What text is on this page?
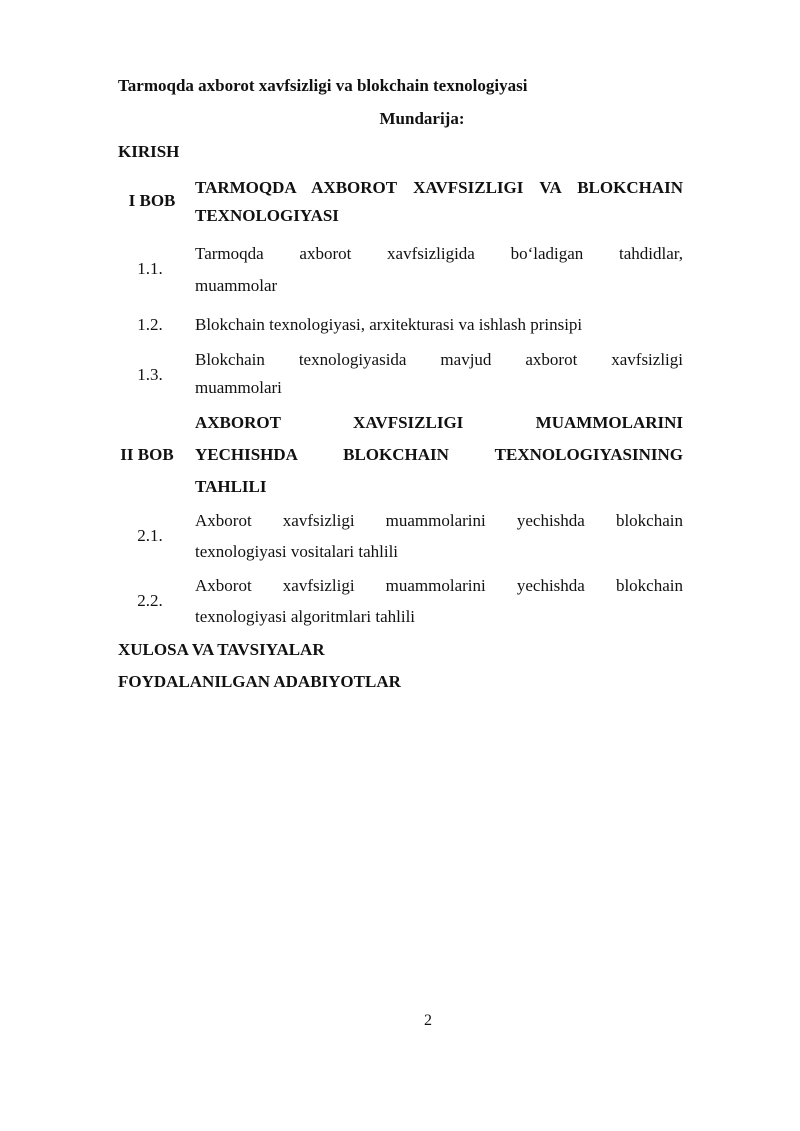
Tarmoqda axborot xavfsizligi va blokchain texnologiyasi
Mundarija:
KIRISH
I BOB
TARMOQDA AXBOROT XAVFSIZLIGI VA BLOKCHAIN
TEXNOLOGIYASI
1.1.
Tarmoqda axborot xavfsizligida bo‘ladigan tahdidlar,
muammolar
1.2.	Blokchain texnologiyasi, arxitekturasi va ishlash prinsipi
1.3.
Blokchain texnologiyasida mavjud axborot xavfsizligi
muammolari
II BOB
AXBOROT XAVFSIZLIGI MUAMMOLARINI
YECHISHDA BLOKCHAIN TEXNOLOGIYASINING
TAHLILI
2.1.
Axborot xavfsizligi muammolarini yechishda blokchain
texnologiyasi vositalari tahlili
2.2.
Axborot xavfsizligi muammolarini yechishda blokchain
texnologiyasi algoritmlari tahlili
XULOSA VA TAVSIYALAR
FOYDALANILGAN ADABIYOTLAR
2
